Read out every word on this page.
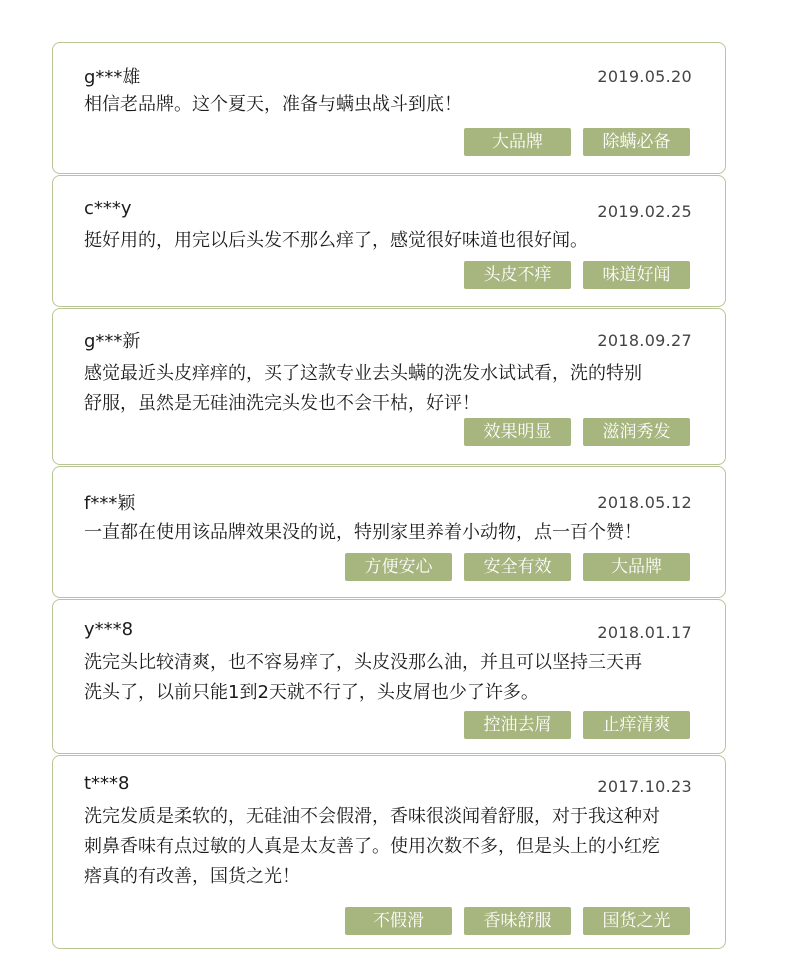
g***雄	2019.05.20
相信老品牌。这个夏天，准备与螨虫战斗到底！
大品牌	除螨必备
c***y	2019.02.25
挺好用的，用完以后头发不那么痒了，感觉很好味道也很好闻。
头皮不痒	味道好闻
g***新	2018.09.27
感觉最近头皮痒痒的，买了这款专业去头螨的洗发水试试看，洗的特别
舒服，虽然是无硅油洗完头发也不会干枯，好评！
效果明显	滋润秀发
f***颖	2018.05.12
一直都在使用该品牌效果没的说，特别家里养着小动物，点一百个赞！
方便安心	安全有效	大品牌
y***8	2018.01.17
洗完头比较清爽，也不容易痒了，头皮没那么油，并且可以坚持三天再
洗头了，以前只能1到2天就不行了，头皮屑也少了许多。
控油去屑	止痒清爽
t***8	2017.10.23
洗完发质是柔软的，无硅油不会假滑，香味很淡闻着舒服，对于我这种对
刺鼻香味有点过敏的人真是太友善了。使用次数不多，但是头上的小红疙
瘩真的有改善，国货之光！
不假滑	香味舒服	国货之光
